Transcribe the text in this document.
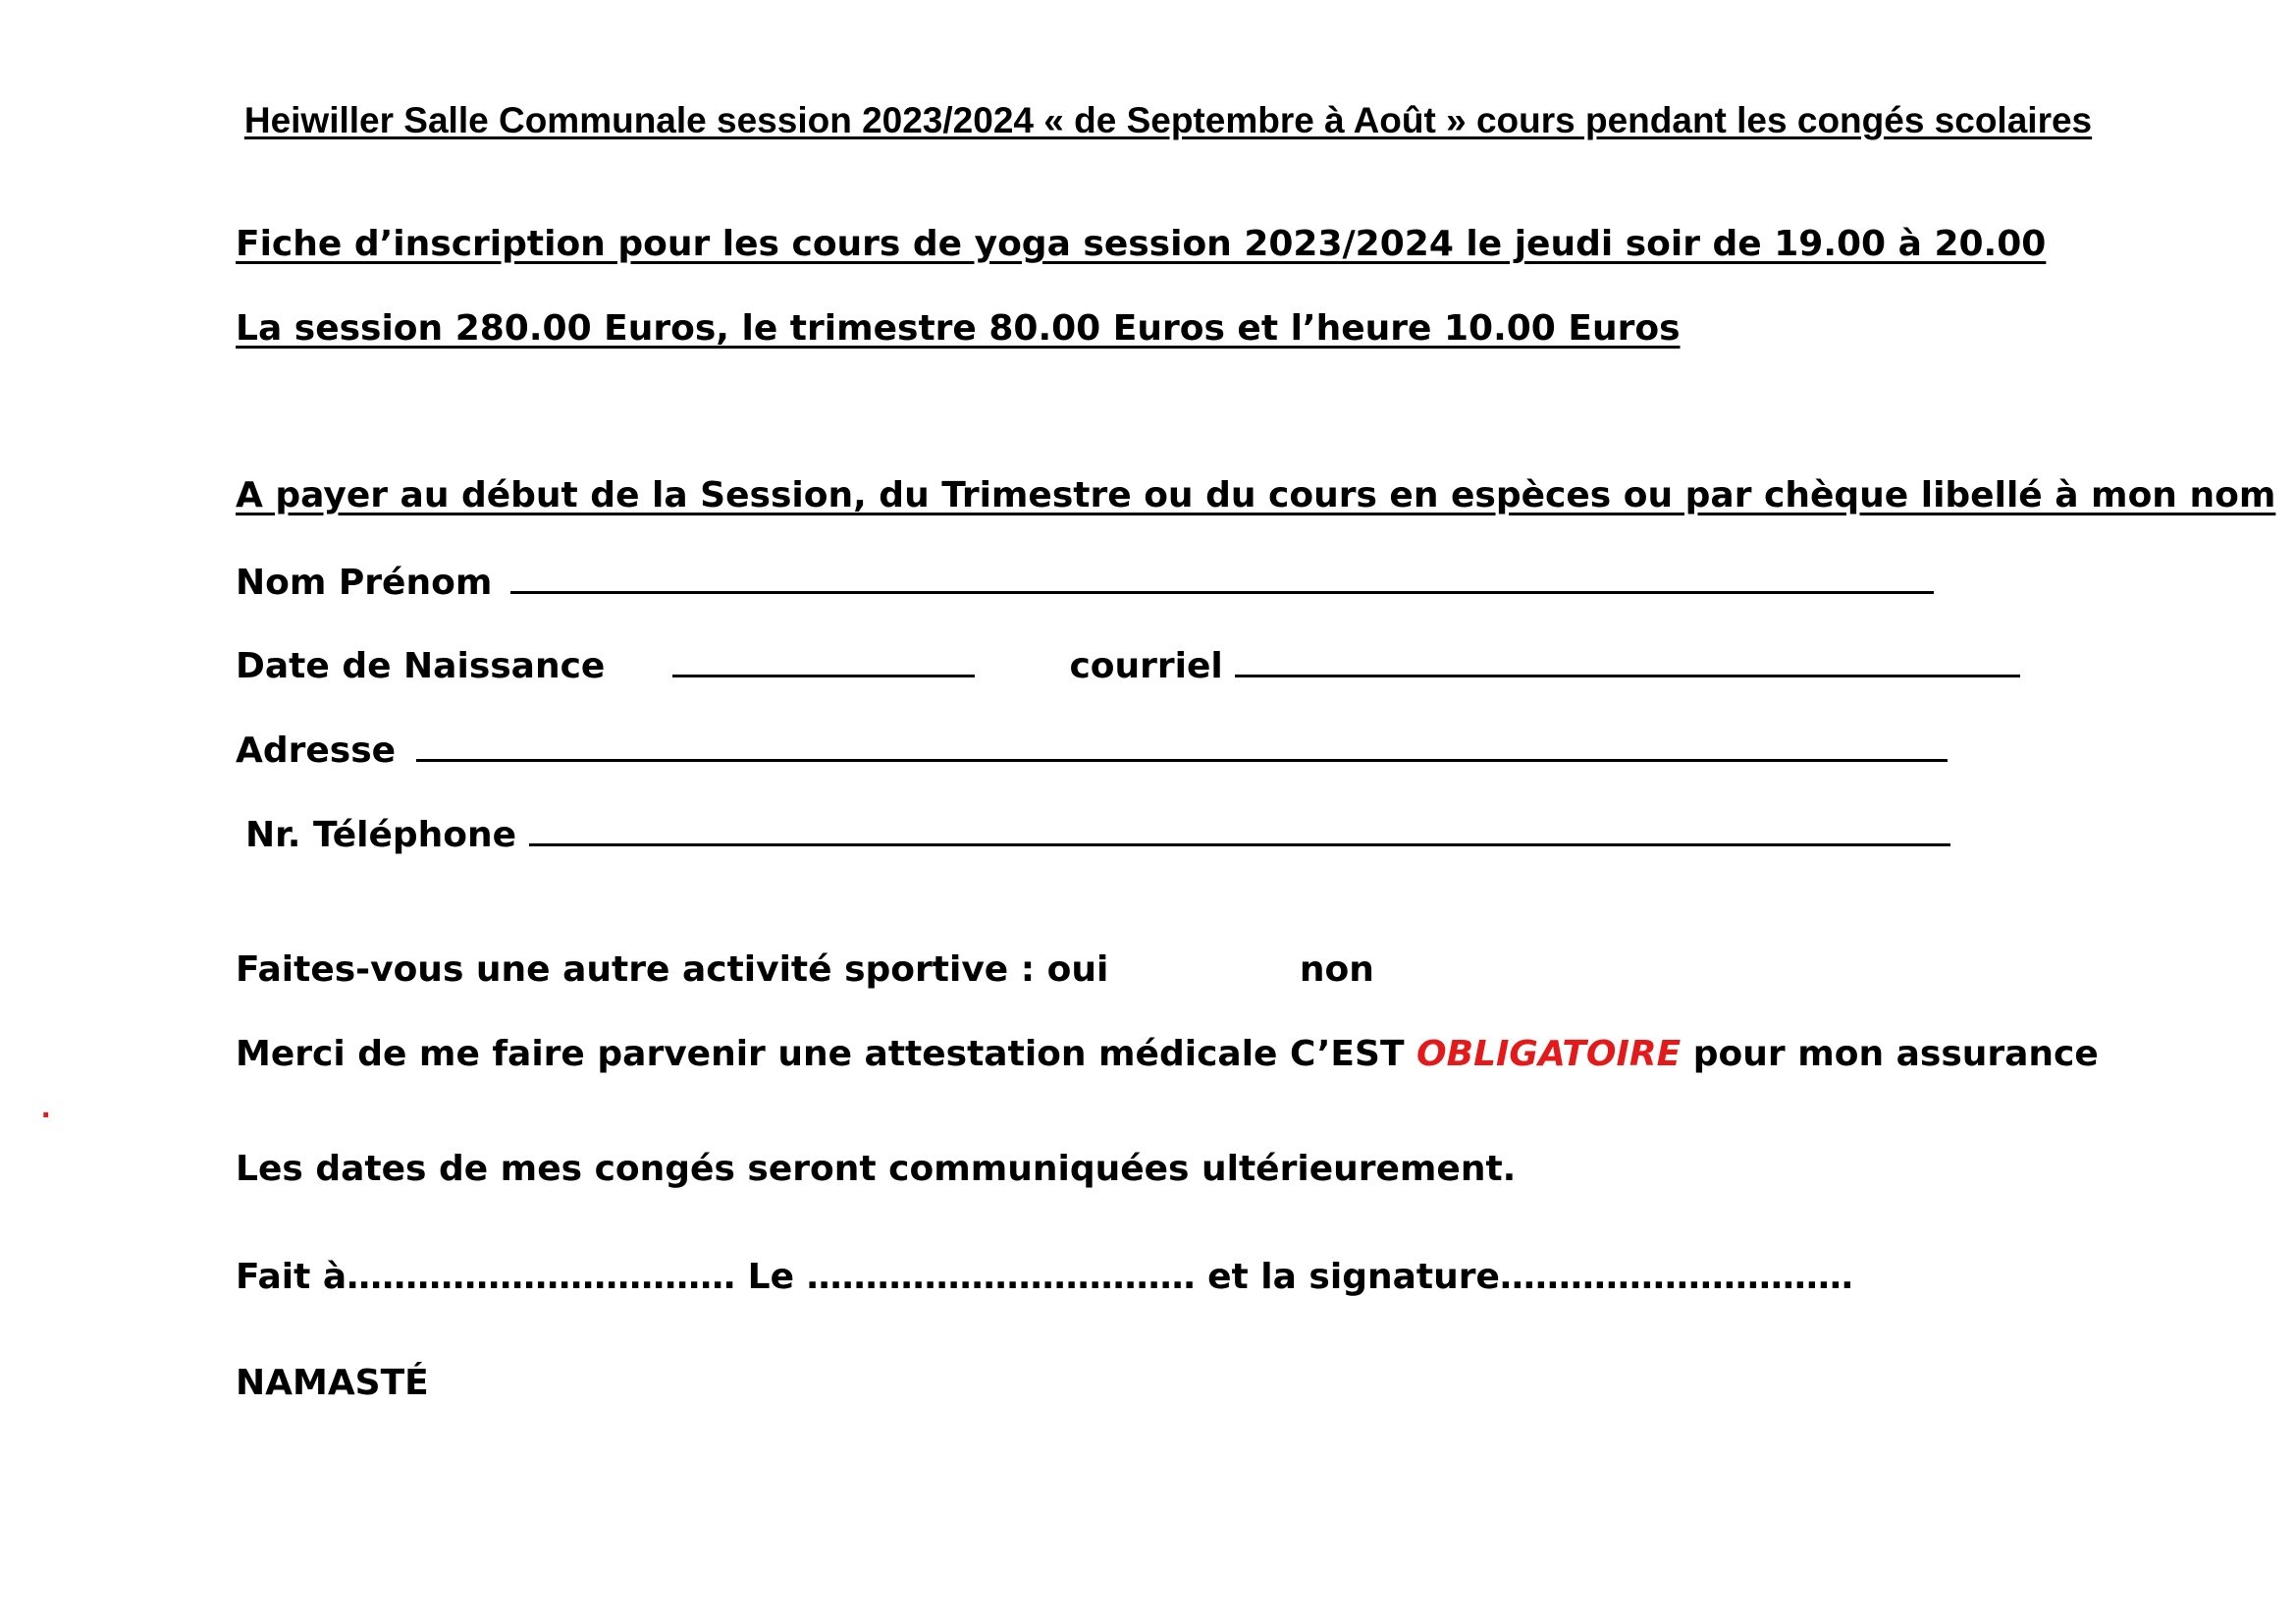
Heiwiller Salle Communale session 2023/2024 « de Septembre à Août » cours pendant les congés scolaires
Fiche d’inscription pour les cours de yoga session 2023/2024 le jeudi soir de 19.00 à 20.00
La session 280.00 Euros, le trimestre 80.00 Euros et l’heure 10.00 Euros
A payer au début de la Session, du Trimestre ou du cours en espèces ou par chèque libellé à mon nom
Nom Prénom
Date de Naissance	courriel
Adresse
Nr. Téléphone
Faites-vous une autre activité sportive : oui	non
Merci de me faire parvenir une attestation médicale C’EST OBLIGATOIRE pour mon assurance
.
Les dates de mes congés seront communiquées ultérieurement.
Fait à…………………………… Le …………………………… et la signature…………………………
NAMASTÉ
